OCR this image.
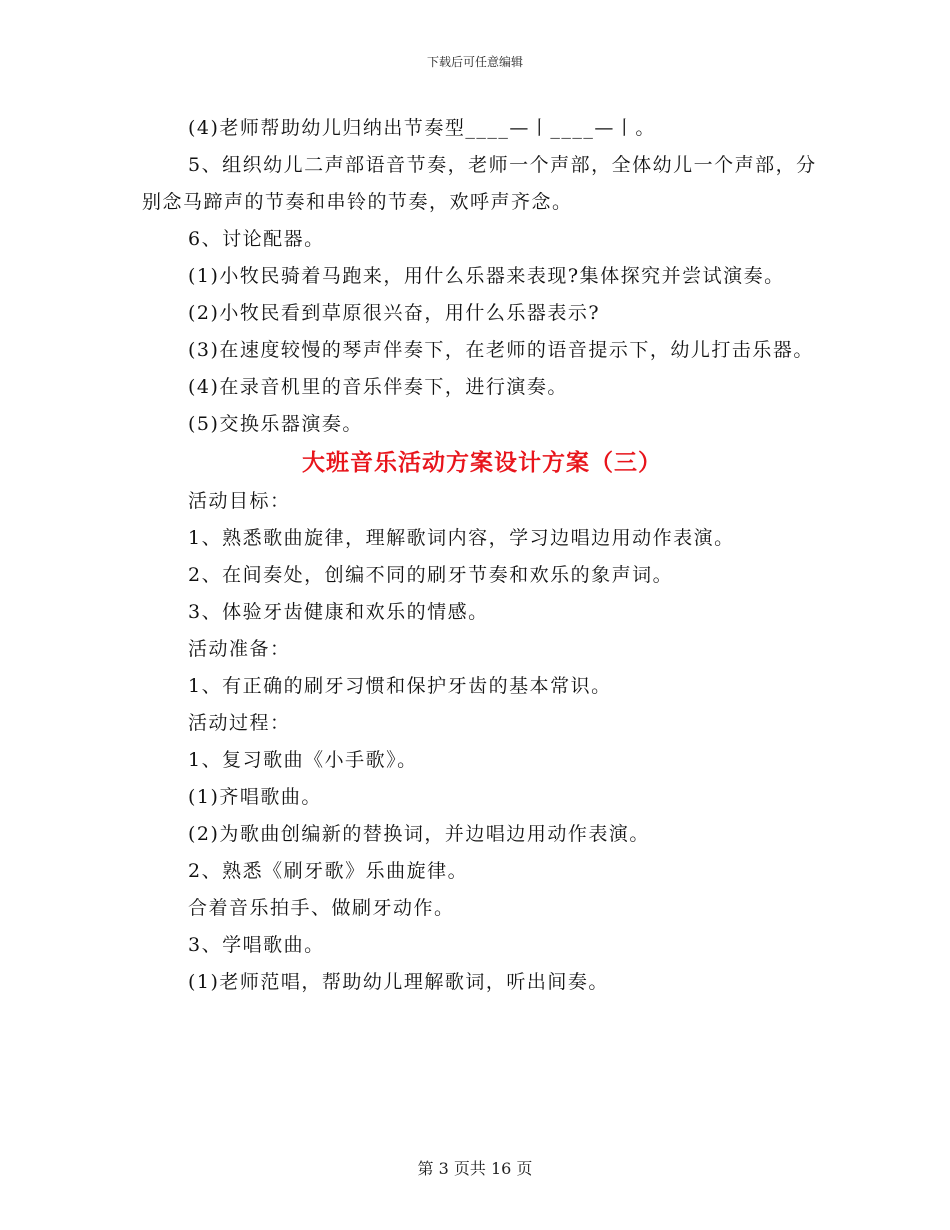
下载后可任意编辑
(4)老师帮助幼儿归纳出节奏型____—丨____—丨。

5、组织幼儿二声部语音节奏，老师一个声部，全体幼儿一个声部，分别念马蹄声的节奏和串铃的节奏，欢呼声齐念。

6、讨论配器。
(1)小牧民骑着马跑来，用什么乐器来表现?集体探究并尝试演奏。
(2)小牧民看到草原很兴奋，用什么乐器表示?

(3)在速度较慢的琴声伴奏下，在老师的语音提示下，幼儿打击乐器。

(4)在录音机里的音乐伴奏下，进行演奏。
(5)交换乐器演奏。
大班音乐活动方案设计方案（三）
活动目标：
1、熟悉歌曲旋律，理解歌词内容，学习边唱边用动作表演。
2、在间奏处，创编不同的刷牙节奏和欢乐的象声词。
3、体验牙齿健康和欢乐的情感。
活动准备：
1、有正确的刷牙习惯和保护牙齿的基本常识。
活动过程：
1、复习歌曲《小手歌》。
(1)齐唱歌曲。
(2)为歌曲创编新的替换词，并边唱边用动作表演。
2、熟悉《刷牙歌》乐曲旋律。
合着音乐拍手、做刷牙动作。
3、学唱歌曲。
(1)老师范唱，帮助幼儿理解歌词，听出间奏。
第 3 页共 16 页
